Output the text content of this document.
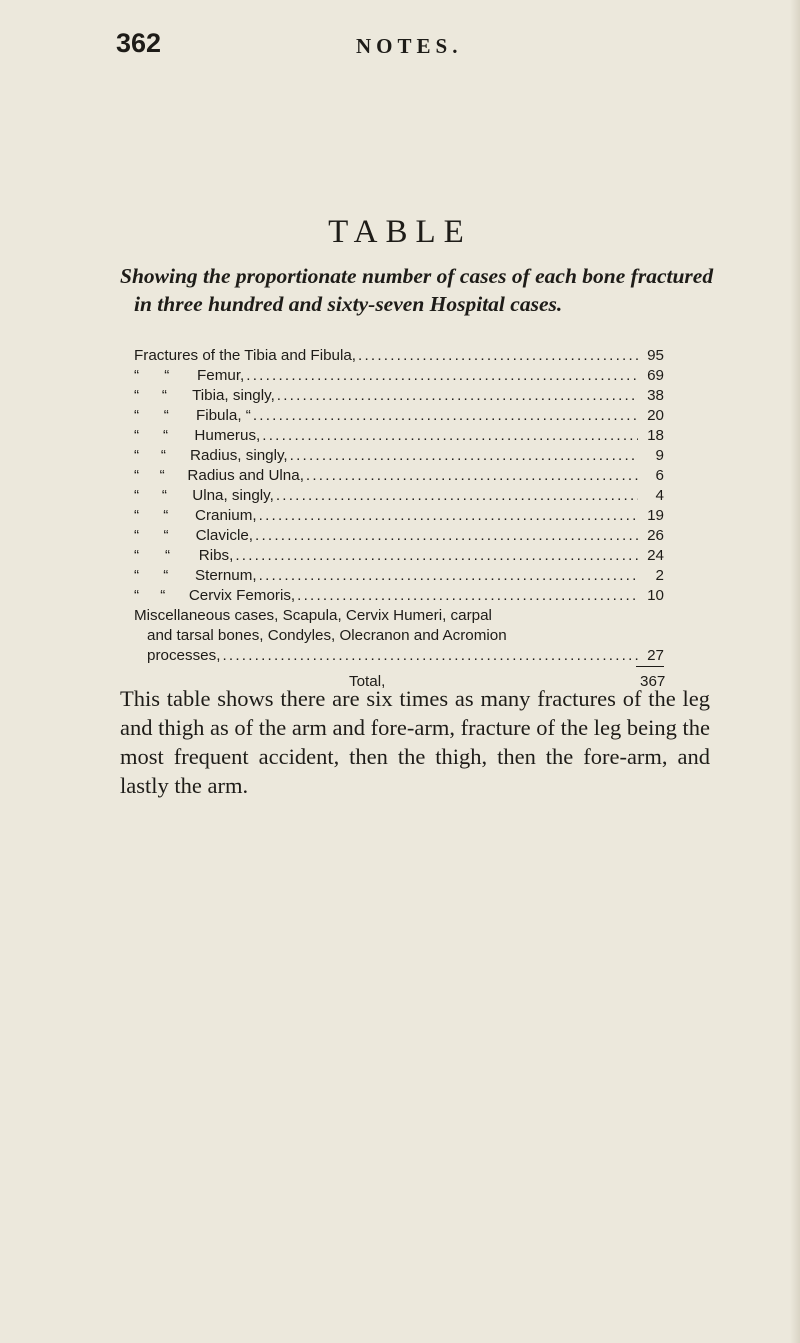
362	NOTES.
TABLE
Showing the proportionate number of cases of each bone fractured
in three hundred and sixty-seven Hospital cases.
Fractures of the Tibia and Fibula, . . .	95
“	“	Femur, . . .	69
“	“	Tibia, singly, . . .	38
“	“	Fibula, “ . . .	20
“	“	Humerus, . . .	18
“	“	Radius, singly, . . .	9
“	“	Radius and Ulna, . . .	6
“	“	Ulna, singly, . . .	4
“	“	Cranium, . . .	19
“	“	Clavicle, . . .	26
“	“	Ribs, . . .	24
“	“	Sternum, . . .	2
“	“	Cervix Femoris, . . .	10
Miscellaneous cases, Scapula, Cervix Humeri, carpal
and tarsal bones, Condyles, Olecranon and Acromion
processes, . . .	27
Total,	367
This table shows there are six times as many fractures of the leg and thigh as of the arm and fore-arm, fracture of the leg being the most frequent accident, then the thigh, then the fore-arm, and lastly the arm.
